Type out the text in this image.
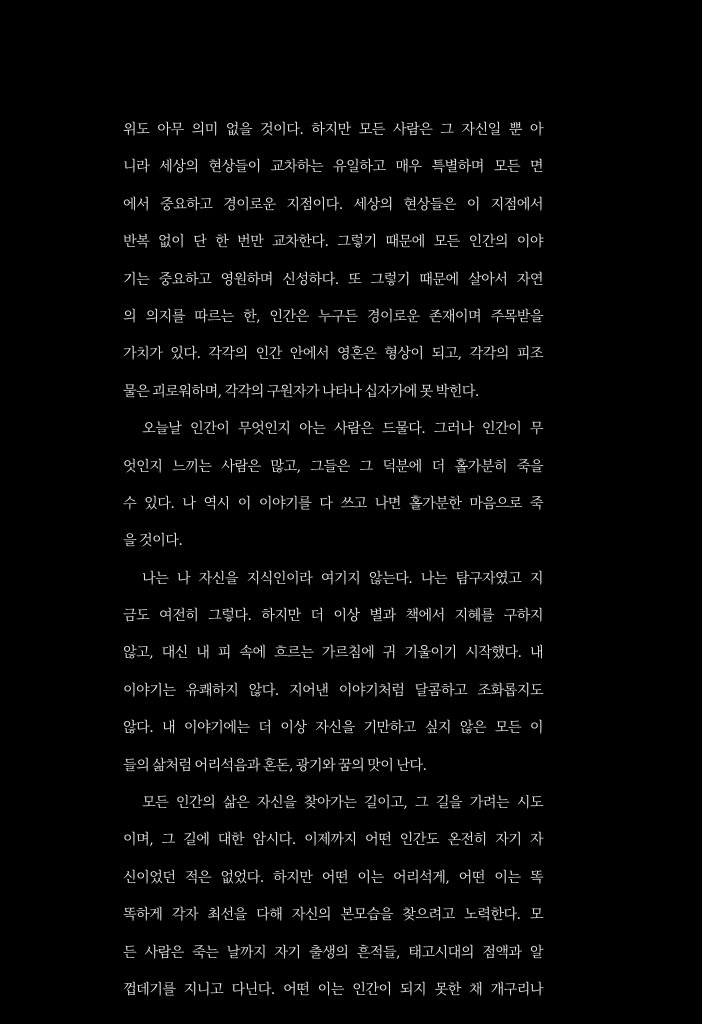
위도 아무 의미 없을 것이다. 하지만 모든 사람은 그 자신일 뿐 아
니라 세상의 현상들이 교차하는 유일하고 매우 특별하며 모든 면
에서 중요하고 경이로운 지점이다. 세상의 현상들은 이 지점에서
반복 없이 단 한 번만 교차한다. 그렇기 때문에 모든 인간의 이야
기는 중요하고 영원하며 신성하다. 또 그렇기 때문에 살아서 자연
의 의지를 따르는 한, 인간은 누구든 경이로운 존재이며 주목받을
가치가 있다. 각각의 인간 안에서 영혼은 형상이 되고, 각각의 피조
물은 괴로워하며, 각각의 구원자가 나타나 십자가에 못 박힌다.
오늘날 인간이 무엇인지 아는 사람은 드물다. 그러나 인간이 무
엇인지 느끼는 사람은 많고, 그들은 그 덕분에 더 홀가분히 죽을
수 있다. 나 역시 이 이야기를 다 쓰고 나면 홀가분한 마음으로 죽
을 것이다.
나는 나 자신을 지식인이라 여기지 않는다. 나는 탐구자였고 지
금도 여전히 그렇다. 하지만 더 이상 별과 책에서 지혜를 구하지
않고, 대신 내 피 속에 흐르는 가르침에 귀 기울이기 시작했다. 내
이야기는 유쾌하지 않다. 지어낸 이야기처럼 달콤하고 조화롭지도
않다. 내 이야기에는 더 이상 자신을 기만하고 싶지 않은 모든 이
들의 삶처럼 어리석음과 혼돈, 광기와 꿈의 맛이 난다.
모든 인간의 삶은 자신을 찾아가는 길이고, 그 길을 가려는 시도
이며, 그 길에 대한 암시다. 이제까지 어떤 인간도 온전히 자기 자
신이었던 적은 없었다. 하지만 어떤 이는 어리석게, 어떤 이는 똑
똑하게 각자 최선을 다해 자신의 본모습을 찾으려고 노력한다. 모
든 사람은 죽는 날까지 자기 출생의 흔적들, 태고시대의 점액과 알
껍데기를 지니고 다닌다. 어떤 이는 인간이 되지 못한 채 개구리나
